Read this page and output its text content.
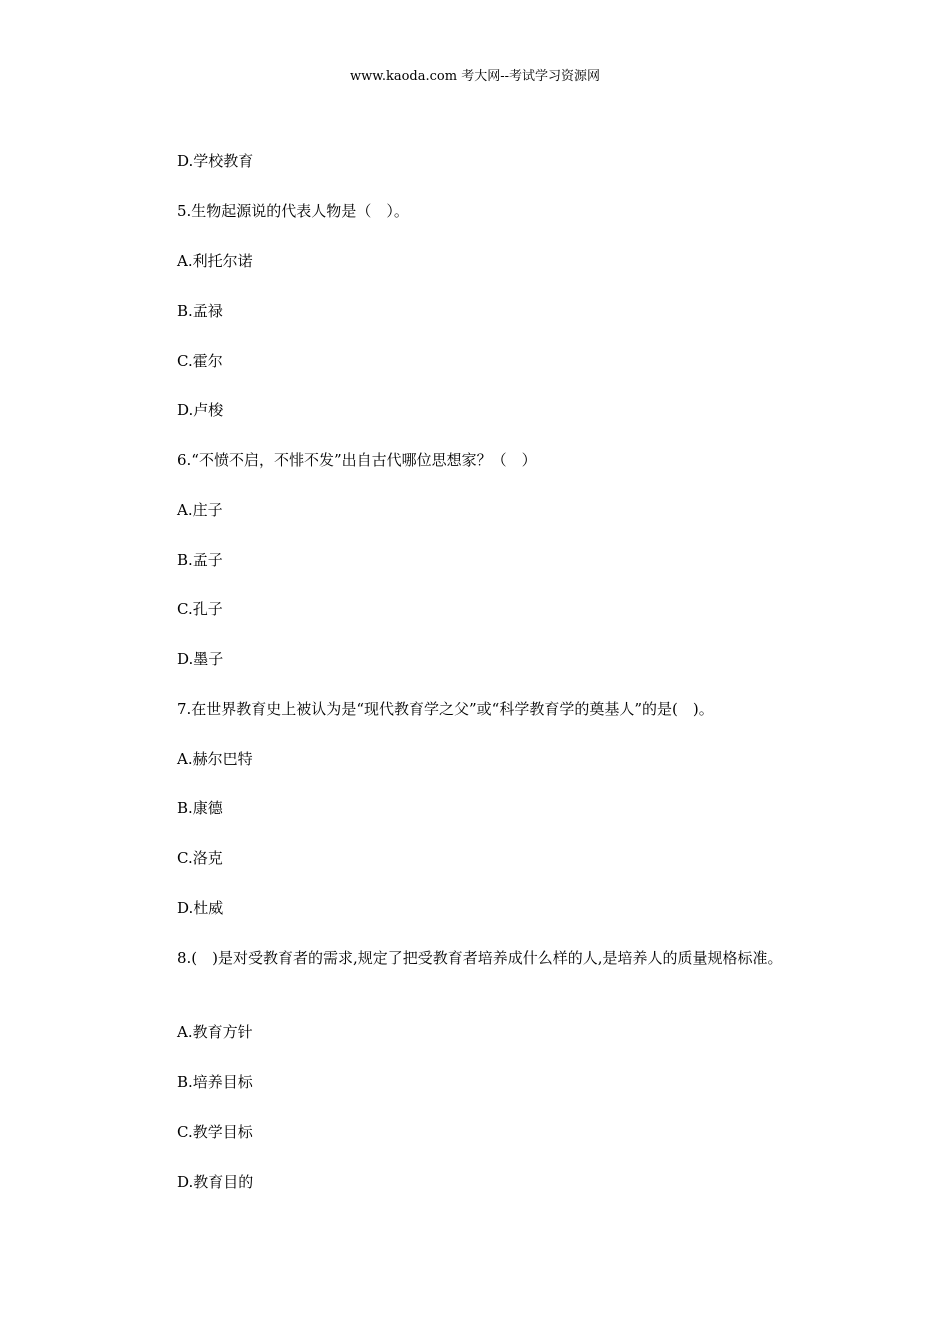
www.kaoda.com 考大网--考试学习资源网
D.学校教育
5.生物起源说的代表人物是（　）。
A.利托尔诺
B.孟禄
C.霍尔
D.卢梭
6.“不愤不启，不悱不发”出自古代哪位思想家？（　）
A.庄子
B.孟子
C.孔子
D.墨子
7.在世界教育史上被认为是“现代教育学之父”或“科学教育学的奠基人”的是(　)。
A.赫尔巴特
B.康德
C.洛克
D.杜威
8.(　)是对受教育者的需求,规定了把受教育者培养成什么样的人,是培养人的质量规格标准。
A.教育方针
B.培养目标
C.教学目标
D.教育目的
